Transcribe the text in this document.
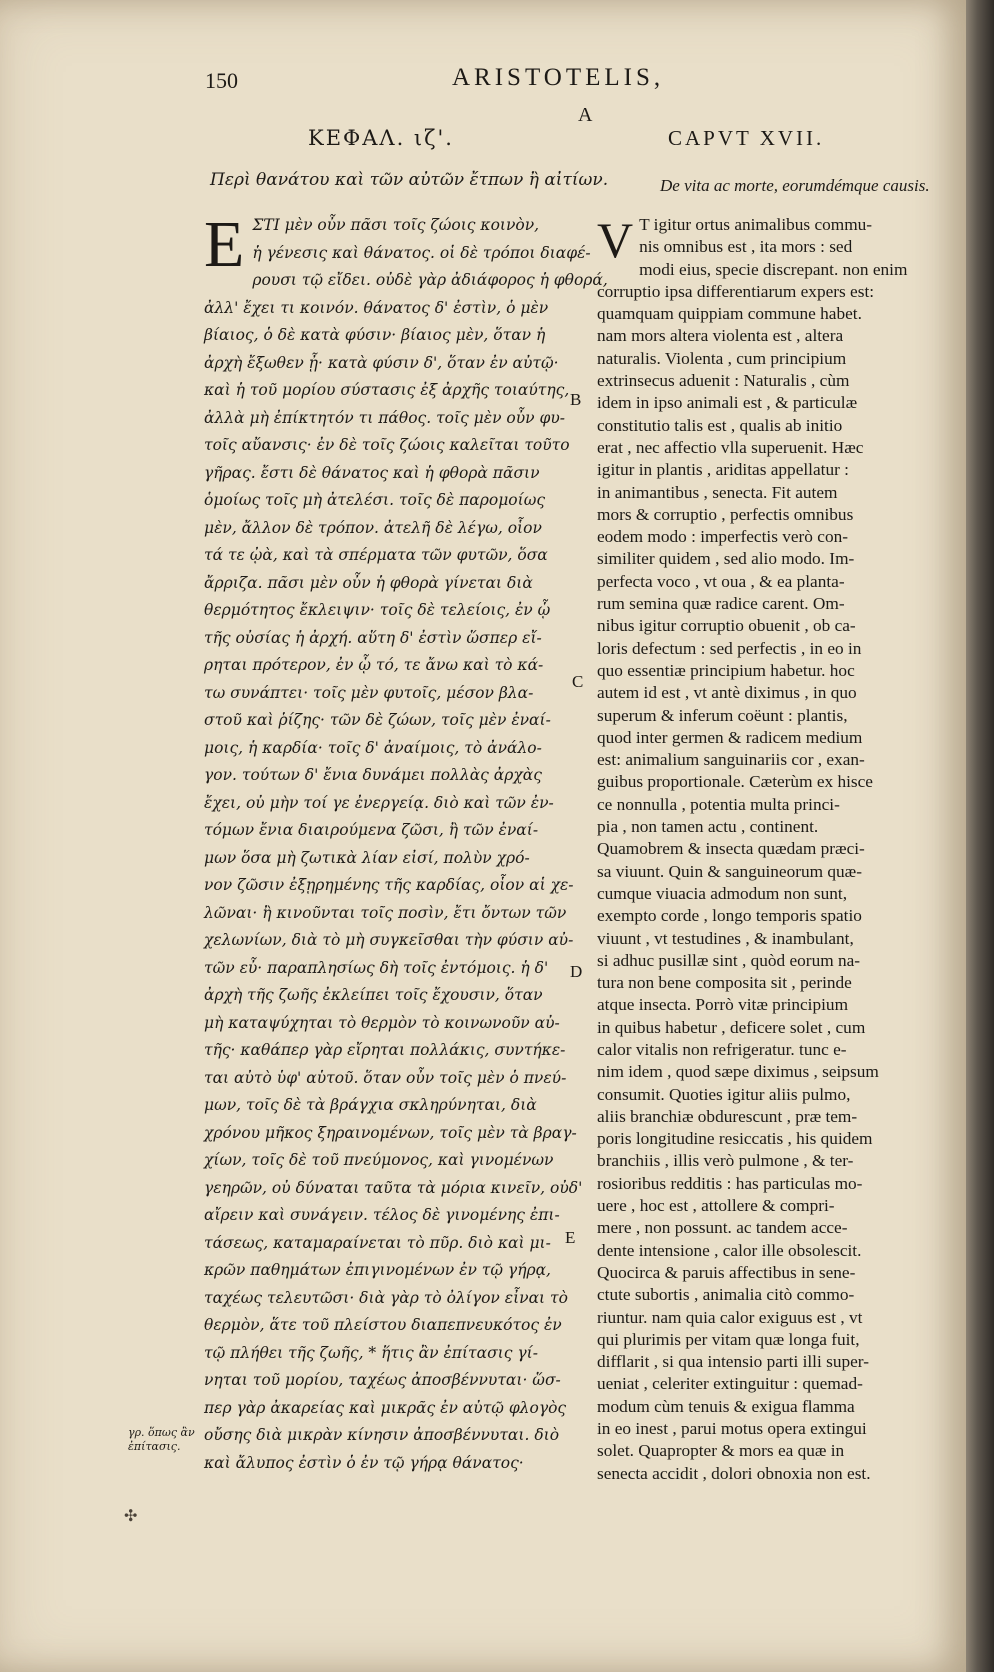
150	ARISTOTELIS,
A
ΚΕΦΑΛ. ιζ'.	CAPVT XVII.
Περὶ θανάτου καὶ τῶν αὐτῶν ἔτπων ἢ αἰτίων.	De vita ac morte, eorumdémque causis.
Ε ΣΤΙ μὲν οὖν πᾶσι τοῖς ζώοις κοινὸν,
ἡ γένεσις καὶ θάνατος. οἱ δὲ τρόποι διαφέ-
ρουσι τῷ εἴδει. οὐδὲ γὰρ ἀδιάφορος ἡ φθορά,
ἀλλ' ἔχει τι κοινόν. θάνατος δ' ἐστὶν, ὁ μὲν
βίαιος, ὁ δὲ κατὰ φύσιν· βίαιος μὲν, ὅταν ἡ
ἀρχὴ ἔξωθεν ᾖ· κατὰ φύσιν δ', ὅταν ἐν αὐτῷ·
καὶ ἡ τοῦ μορίου σύστασις ἐξ ἀρχῆς τοιαύτης,
ἀλλὰ μὴ ἐπίκτητόν τι πάθος. τοῖς μὲν οὖν φυ-
τοῖς αὔανσις· ἐν δὲ τοῖς ζώοις καλεῖται τοῦτο
γῆρας. ἔστι δὲ θάνατος καὶ ἡ φθορὰ πᾶσιν
ὁμοίως τοῖς μὴ ἀτελέσι. τοῖς δὲ παρομοίως
μὲν, ἄλλον δὲ τρόπον. ἀτελῆ δὲ λέγω, οἷον
τά τε ᾠὰ, καὶ τὰ σπέρματα τῶν φυτῶν, ὅσα
ἄρριζα. πᾶσι μὲν οὖν ἡ φθορὰ γίνεται διὰ
θερμότητος ἔκλειψιν· τοῖς δὲ τελείοις, ἐν ᾧ
τῆς οὐσίας ἡ ἀρχή. αὕτη δ' ἐστὶν ὥσπερ εἴ-
ρηται πρότερον, ἐν ᾧ τό, τε ἄνω καὶ τὸ κά-
τω συνάπτει· τοῖς μὲν φυτοῖς, μέσον βλα-
στοῦ καὶ ῥίζης· τῶν δὲ ζώων, τοῖς μὲν ἐναί-
μοις, ἡ καρδία· τοῖς δ' ἀναίμοις, τὸ ἀνάλο-
γον. τούτων δ' ἔνια δυνάμει πολλὰς ἀρχὰς
ἔχει, οὐ μὴν τοί γε ἐνεργείᾳ. διὸ καὶ τῶν ἐν-
τόμων ἔνια διαιρούμενα ζῶσι, ἢ τῶν ἐναί-
μων ὅσα μὴ ζωτικὰ λίαν εἰσί, πολὺν χρό-
νον ζῶσιν ἐξῃρημένης τῆς καρδίας, οἷον αἱ χε-
λῶναι· ἢ κινοῦνται τοῖς ποσὶν, ἔτι ὄντων τῶν
χελωνίων, διὰ τὸ μὴ συγκεῖσθαι τὴν φύσιν αὐ-
τῶν εὖ· παραπλησίως δὴ τοῖς ἐντόμοις. ἡ δ'
ἀρχὴ τῆς ζωῆς ἐκλείπει τοῖς ἔχουσιν, ὅταν
μὴ καταψύχηται τὸ θερμὸν τὸ κοινωνοῦν αὐ-
τῆς· καθάπερ γὰρ εἴρηται πολλάκις, συντήκε-
ται αὐτὸ ὑφ' αὑτοῦ. ὅταν οὖν τοῖς μὲν ὁ πνεύ-
μων, τοῖς δὲ τὰ βράγχια σκληρύνηται, διὰ
χρόνου μῆκος ξηραινομένων, τοῖς μὲν τὰ βραγ-
χίων, τοῖς δὲ τοῦ πνεύμονος, καὶ γινομένων
γεηρῶν, οὐ δύναται ταῦτα τὰ μόρια κινεῖν, οὐδ'
αἴρειν καὶ συνάγειν. τέλος δὲ γινομένης ἐπι-
τάσεως, καταμαραίνεται τὸ πῦρ. διὸ καὶ μι-
κρῶν παθημάτων ἐπιγινομένων ἐν τῷ γήρᾳ,
ταχέως τελευτῶσι· διὰ γὰρ τὸ ὀλίγον εἶναι τὸ
θερμὸν, ἅτε τοῦ πλείστου διαπεπνευκότος ἐν
τῷ πλήθει τῆς ζωῆς, * ἥτις ἂν ἐπίτασις γί-
νηται τοῦ μορίου, ταχέως ἀποσβέννυται· ὥσ-
περ γὰρ ἀκαρείας καὶ μικρᾶς ἐν αὐτῷ φλογὸς
οὔσης διὰ μικρὰν κίνησιν ἀποσβέννυται. διὸ
καὶ ἄλυπος ἐστὶν ὁ ἐν τῷ γήρᾳ θάνατος·
V T igitur ortus animalibus commu-
nis omnibus est , ita mors : sed
modi eius, specie discrepant. non enim
corruptio ipsa differentiarum expers est:
quamquam quippiam commune habet.
nam mors altera violenta est , altera
naturalis. Violenta , cum principium
extrinsecus aduenit : Naturalis , cùm
idem in ipso animali est , & particulæ
constitutio talis est , qualis ab initio
erat , nec affectio vlla superuenit. Hæc
igitur in plantis , ariditas appellatur :
in animantibus , senecta. Fit autem
mors & corruptio , perfectis omnibus
eodem modo : imperfectis verò con-
similiter quidem , sed alio modo. Im-
perfecta voco , vt oua , & ea planta-
rum semina quæ radice carent. Om-
nibus igitur corruptio obuenit , ob ca-
loris defectum : sed perfectis , in eo in
quo essentiæ principium habetur. hoc
autem id est , vt antè diximus , in quo
superum & inferum coëunt : plantis,
quod inter germen & radicem medium
est: animalium sanguinariis cor , exan-
guibus proportionale. Cæterùm ex hisce
ce nonnulla , potentia multa princi-
pia , non tamen actu , continent.
Quamobrem & insecta quædam præci-
sa viuunt. Quin & sanguineorum quæ-
cumque viuacia admodum non sunt,
exempto corde , longo temporis spatio
viuunt , vt testudines , & inambulant,
si adhuc pusillæ sint , quòd eorum na-
tura non bene composita sit , perinde
atque insecta. Porrò vitæ principium
in quibus habetur , deficere solet , cum
calor vitalis non refrigeratur. tunc e-
nim idem , quod sæpe diximus , seipsum
consumit. Quoties igitur aliis pulmo,
aliis branchiæ obdurescunt , præ tem-
poris longitudine resiccatis , his quidem
branchiis , illis verò pulmone , & ter-
rosioribus redditis : has particulas mo-
uere , hoc est , attollere & compri-
mere , non possunt. ac tandem acce-
dente intensione , calor ille obsolescit.
Quocirca & paruis affectibus in sene-
ctute subortis , animalia citò commo-
riuntur. nam quia calor exiguus est , vt
qui plurimis per vitam quæ longa fuit,
difflarit , si qua intensio parti illi super-
ueniat , celeriter extinguitur : quemad-
modum cùm tenuis & exigua flamma
in eo inest , parui motus opera extingui
solet. Quapropter & mors ea quæ in
senecta accidit , dolori obnoxia non est.
B
C
D
E
γρ. ὅπως ἂν
ἐπίτασις.
✣
